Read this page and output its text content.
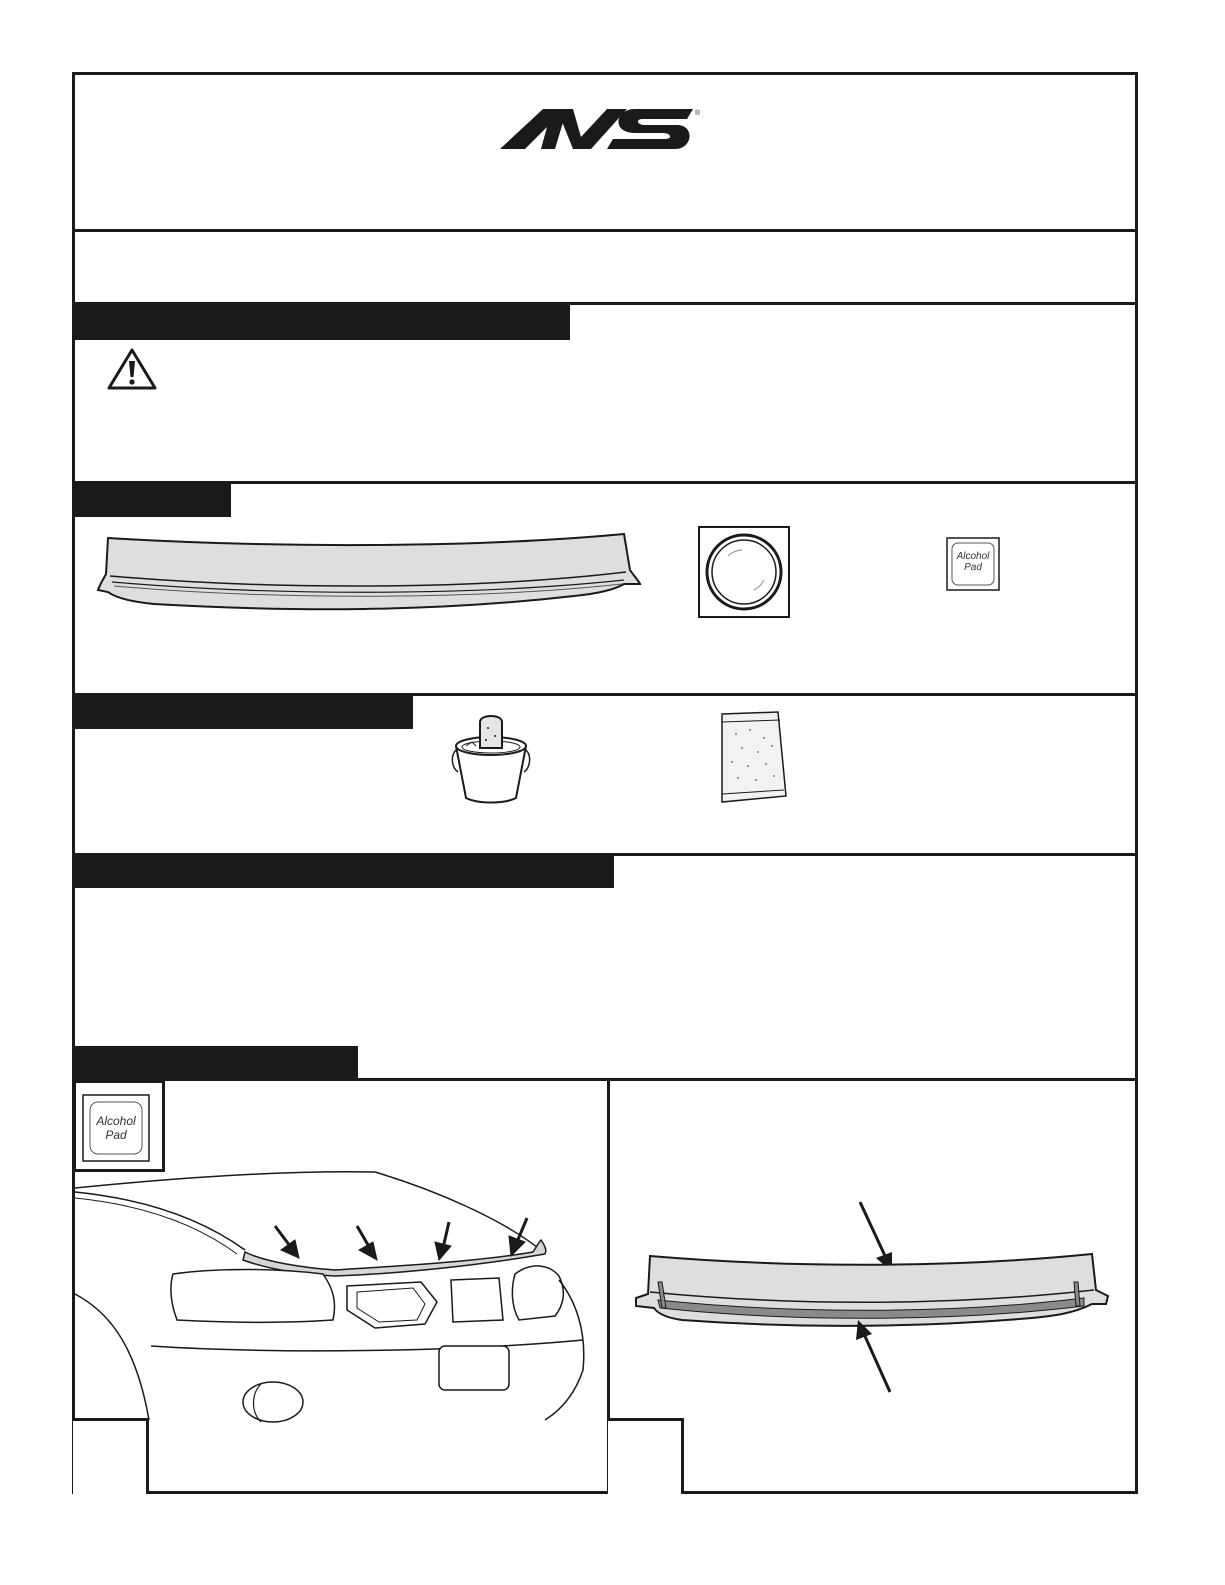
®
Alcohol
Pad
Alcohol
Pad
